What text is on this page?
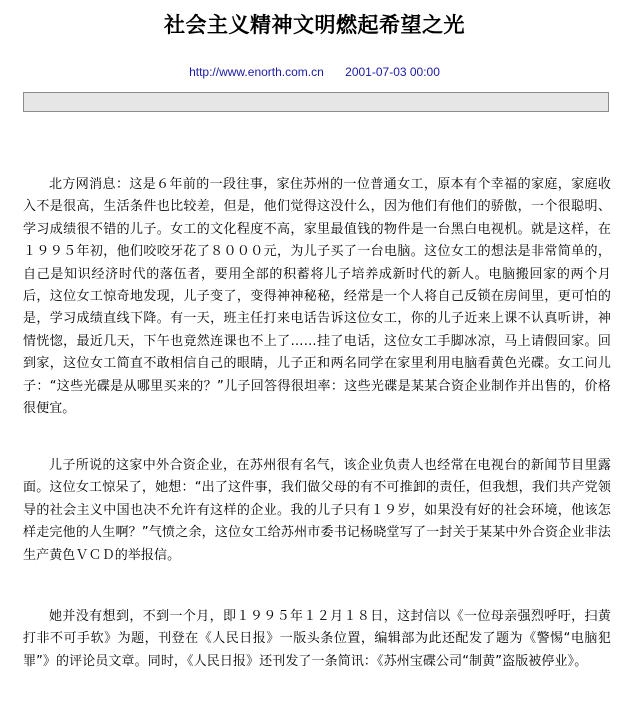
社会主义精神文明燃起希望之光
http://www.enorth.com.cn 2001-07-03 00:00

北方网消息：这是６年前的一段往事，家住苏州的一位普通女工，原本有个幸福的家庭，家庭收入不是很高，生活条件也比较差，但是，他们觉得这没什么，因为他们有他们的骄傲，一个很聪明、学习成绩很不错的儿子。女工的文化程度不高，家里最值钱的物件是一台黑白电视机。就是这样，在１９９５年初，他们咬咬牙花了８０００元，为儿子买了一台电脑。这位女工的想法是非常简单的，自己是知识经济时代的落伍者，要用全部的积蓄将儿子培养成新时代的新人。电脑搬回家的两个月后，这位女工惊奇地发现，儿子变了，变得神神秘秘，经常是一个人将自己反锁在房间里，更可怕的是，学习成绩直线下降。有一天，班主任打来电话告诉这位女工，你的儿子近来上课不认真听讲，神情恍惚，最近几天，下午也竟然连课也不上了……挂了电话，这位女工手脚冰凉，马上请假回家。回到家，这位女工简直不敢相信自己的眼睛，儿子正和两名同学在家里利用电脑看黄色光碟。女工问儿子：“这些光碟是从哪里买来的？”儿子回答得很坦率：这些光碟是某某合资企业制作并出售的，价格很便宜。

儿子所说的这家中外合资企业，在苏州很有名气，该企业负责人也经常在电视台的新闻节目里露面。这位女工惊呆了，她想：“出了这件事，我们做父母的有不可推卸的责任，但我想，我们共产党领导的社会主义中国也决不允许有这样的企业。我的儿子只有１９岁，如果没有好的社会环境，他该怎样走完他的人生啊？”气愤之余，这位女工给苏州市委书记杨晓堂写了一封关于某某中外合资企业非法生产黄色ＶＣＤ的举报信。

她并没有想到，不到一个月，即１９９５年１２月１８日，这封信以《一位母亲强烈呼吁，扫黄打非不可手软》为题，刊登在《人民日报》一版头条位置，编辑部为此还配发了题为《警惕“电脑犯罪”》的评论员文章。同时，《人民日报》还刊发了一条简讯：《苏州宝碟公司“制黄”盗版被停业》。
